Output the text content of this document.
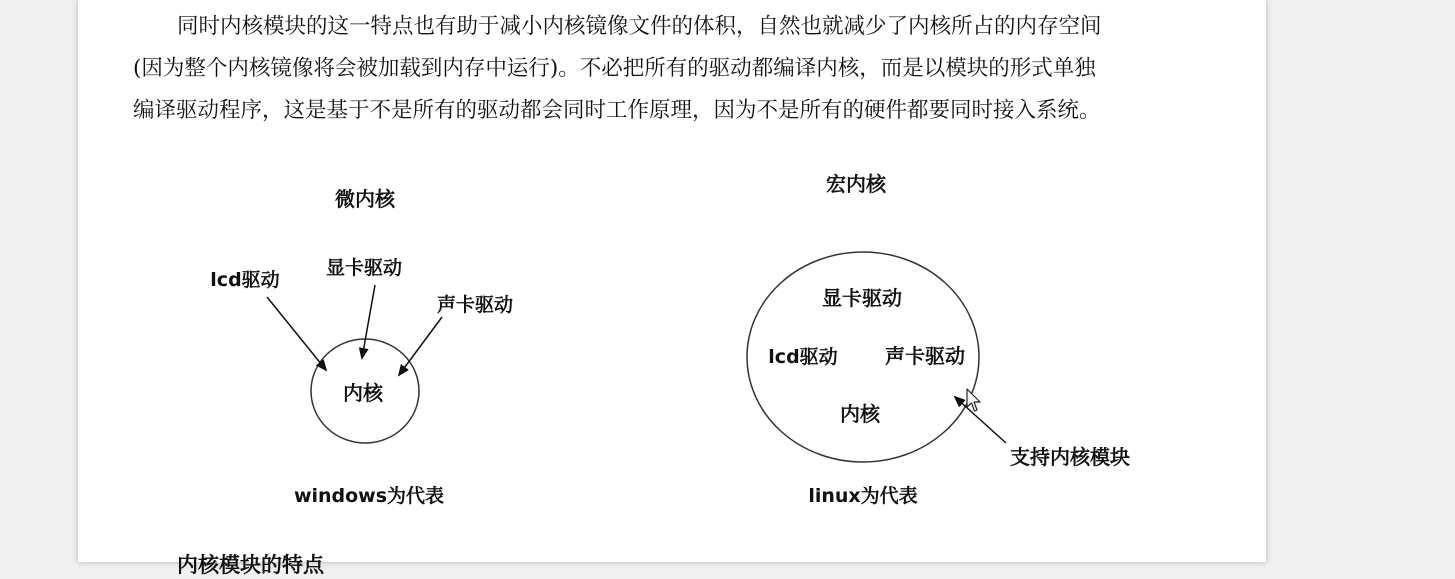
同时内核模块的这一特点也有助于减小内核镜像文件的体积，自然也就减少了内核所占的内存空间
(因为整个内核镜像将会被加载到内存中运行)。不必把所有的驱动都编译内核，而是以模块的形式单独
编译驱动程序，这是基于不是所有的驱动都会同时工作原理，因为不是所有的硬件都要同时接入系统。

微内核
lcd驱动
显卡驱动
声卡驱动
内核
windows为代表
宏内核
显卡驱动
lcd驱动 声卡驱动
内核
支持内核模块
linux为代表
内核模块的特点
